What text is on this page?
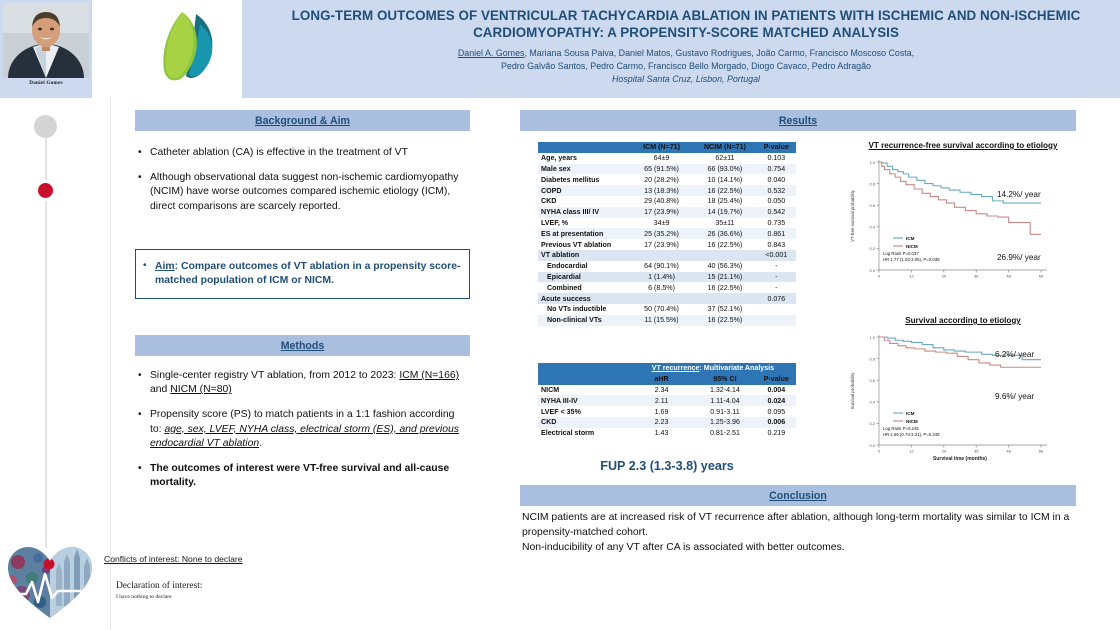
Daniel Gomes
LONG-TERM OUTCOMES OF VENTRICULAR TACHYCARDIA ABLATION IN PATIENTS WITH ISCHEMIC AND NON-ISCHEMIC CARDIOMYOPATHY: A PROPENSITY-SCORE MATCHED ANALYSIS
Daniel A. Gomes, Mariana Sousa Paiva, Daniel Matos, Gustavo Rodrigues, João Carmo, Francisco Moscoso Costa,
Pedro Galvão Santos, Pedro Carmo, Francisco Bello Morgado, Diogo Cavaco, Pedro Adragão
Hospital Santa Cruz, Lisbon, Portugal
Background & Aim
• Catheter ablation (CA) is effective in the treatment of VT
• Although observational data suggest non-ischemic cardiomyopathy (NCIM) have worse outcomes compared ischemic etiology (ICM), direct comparisons are scarcely reported.
• Aim: Compare outcomes of VT ablation in a propensity score-matched population of ICM or NICM.
Methods
• Single-center registry VT ablation, from 2012 to 2023: ICM (N=166) and NICM (N=80)
• Propensity score (PS) to match patients in a 1:1 fashion according to: age, sex, LVEF, NYHA class, electrical storm (ES), and previous endocardial VT ablation.
• The outcomes of interest were VT-free survival and all-cause mortality.
Conflicts of interest: None to declare
Declaration of interest:
I have nothing to declare
Results
	ICM (N=71)	NCIM (N=71)	P-value
Age, years	64±9	62±11	0.103
Male sex	65 (91.5%)	66 (93.0%)	0.754
Diabetes mellitus	20 (28.2%)	10 (14.1%)	0.040
COPD	13 (18.3%)	16 (22.5%)	0.532
CKD	29 (40.8%)	18 (25.4%)	0.050
NYHA class III/ IV	17 (23.9%)	14 (19.7%)	0.542
LVEF, %	34±9	35±11	0.735
ES at presentation	25 (35.2%)	26 (36.6%)	0.861
Previous VT ablation	17 (23.9%)	16 (22.5%)	0.843
VT ablation			<0.001
Endocardial	64 (90.1%)	40 (56.3%)	-
Epicardial	1 (1.4%)	15 (21.1%)	-
Combined	6 (8.5%)	16 (22.5%)	-
Acute success			0.076
No VTs inductible	50 (70.4%)	37 (52.1%)	
Non-clinical VTs	11 (15.5%)	16 (22.5%)	
	VT recurrence: Multivariate Analysis		
	aHR	95% CI	P-value
NICM	2.34	1.32-4.14	0.004
NYHA III-IV	2.11	1.11-4.04	0.024
LVEF < 35%	1.69	0.91-3.11	0.095
CKD	2.23	1.25-3.96	0.006
Electrical storm	1.43	0.81-2.51	0.219
FUP 2.3 (1.3-3.8) years
VT recurrence-free survival according to etiology
1.0
0.8
0.6
0.4
0.2
0.0
0	12	24	36	48	60
VT-free survival probability	ICM
NICM
Log Rank P=0.037
HR 1.77 (1.03-3.05), P=0.039
14.2%/ year
26.9%/ year
Survival according to etiology
1.0
0.8
0.6
0.4
0.2
0.0
0	12	24	36	48	60
Survival probability
Survival time (months)
ICM
NICM
Log Rank P=0.245
HR 1.56 (0.73-3.31), P=0.249
6.2%/ year
9.6%/ year
Conclusion
NCIM patients are at increased risk of VT recurrence after ablation, although long-term mortality was similar to ICM in a propensity-matched cohort.
Non-inducibility of any VT after CA is associated with better outcomes.
